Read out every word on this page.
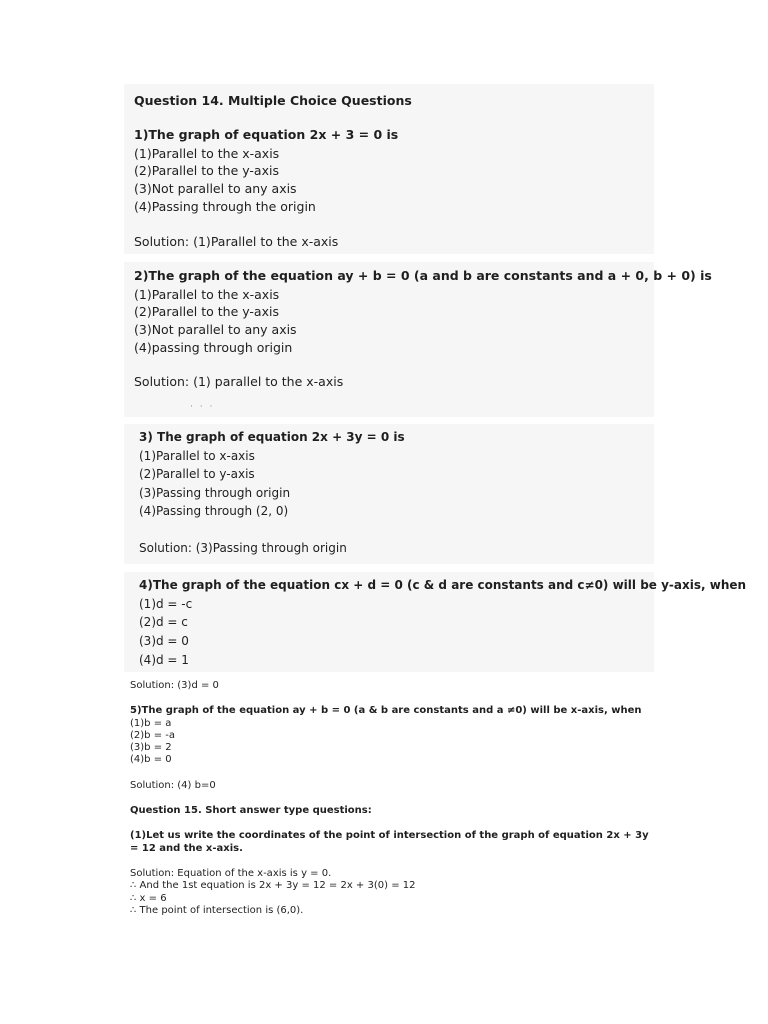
Question 14. Multiple Choice Questions
1)The graph of equation 2x + 3 = 0 is
(1)Parallel to the x-axis
(2)Parallel to the y-axis
(3)Not parallel to any axis
(4)Passing through the origin
Solution: (1)Parallel to the x-axis
2)The graph of the equation ay + b = 0 (a and b are constants and a + 0, b + 0) is
(1)Parallel to the x-axis
(2)Parallel to the y-axis
(3)Not parallel to any axis
(4)passing through origin
Solution: (1) parallel to the x-axis
· · ·
3) The graph of equation 2x + 3y = 0 is
(1)Parallel to x-axis
(2)Parallel to y-axis
(3)Passing through origin
(4)Passing through (2, 0)
Solution: (3)Passing through origin
4)The graph of the equation cx + d = 0 (c & d are constants and c≠0) will be y-axis, when
(1)d = -c
(2)d = c
(3)d = 0
(4)d = 1
Solution: (3)d = 0
5)The graph of the equation ay + b = 0 (a & b are constants and a ≠0) will be x-axis, when
(1)b = a
(2)b = -a
(3)b = 2
(4)b = 0
Solution: (4) b=0
Question 15. Short answer type questions:
(1)Let us write the coordinates of the point of intersection of the graph of equation 2x + 3y
= 12 and the x-axis.
Solution: Equation of the x-axis is y = 0.
∴ And the 1st equation is 2x + 3y = 12 = 2x + 3(0) = 12
∴ x = 6
∴ The point of intersection is (6,0).
